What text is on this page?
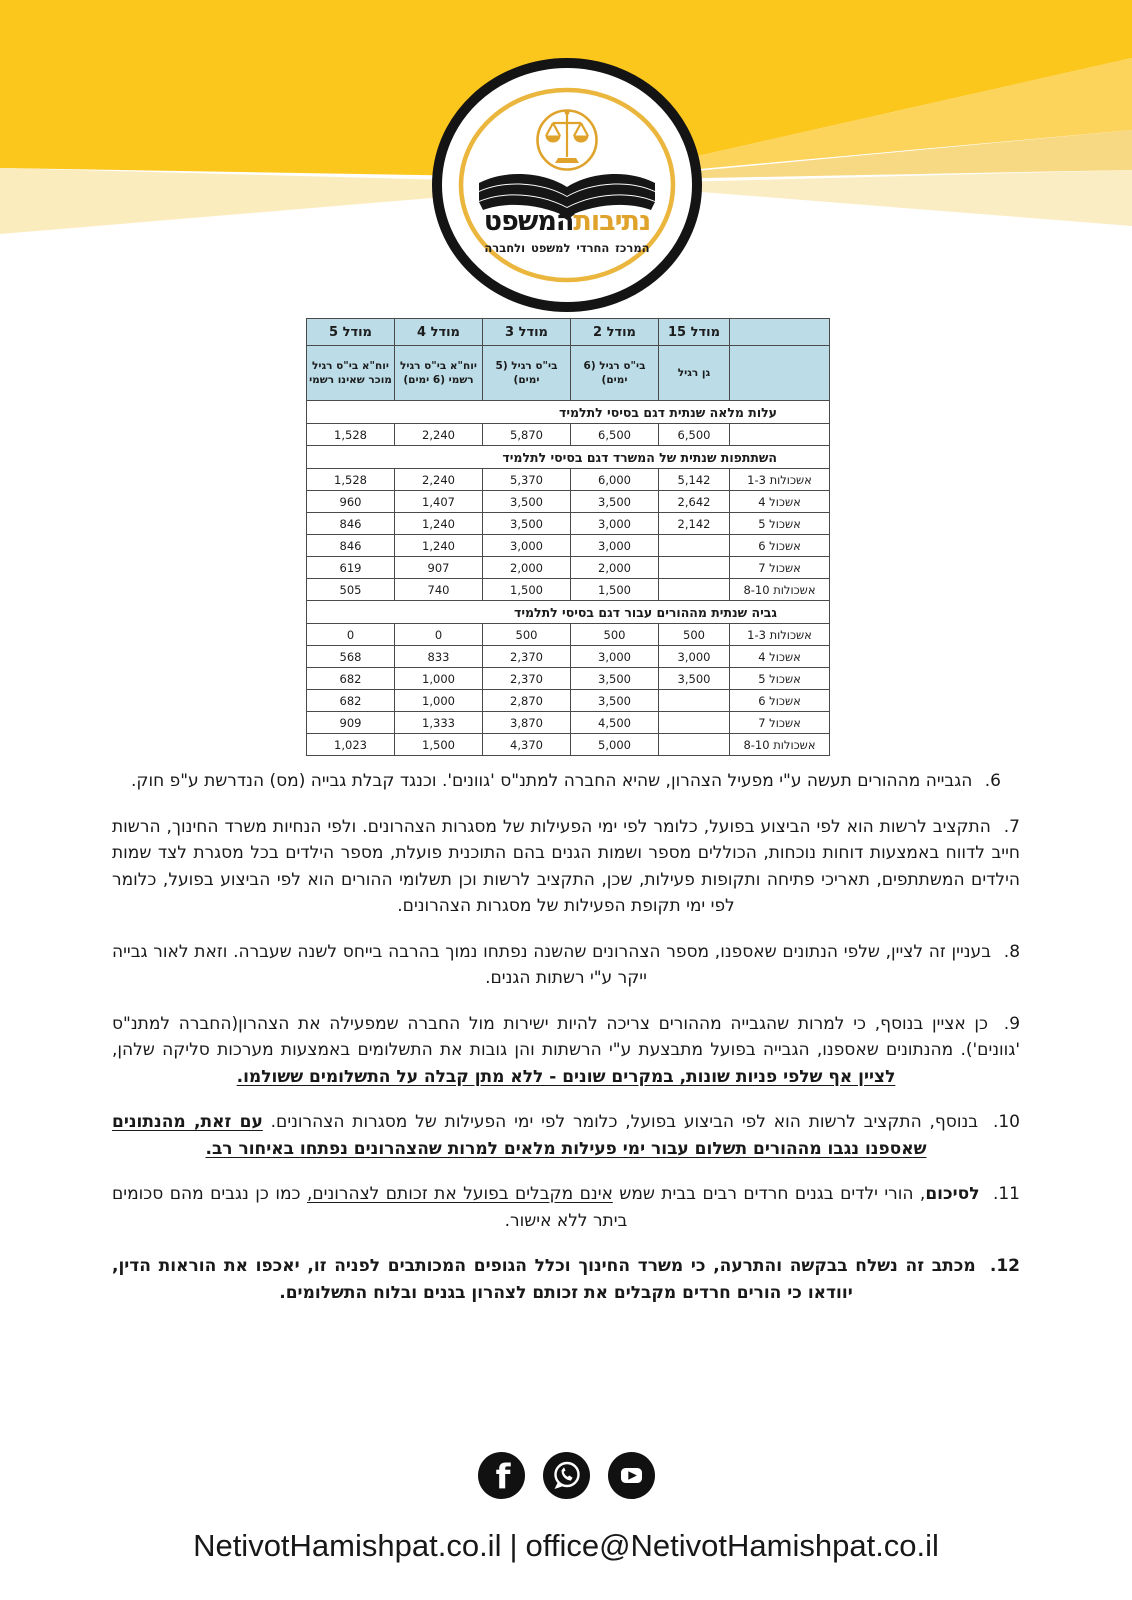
נתיבותהמשפט
המרכז החרדי למשפט ולחברה
	מודל 15	מודל 2	מודל 3	מודל 4	מודל 5
	גן רגיל	בי"ס רגיל (6 ימים)	בי"ס רגיל (5 ימים)	יוח"א בי"ס רגיל רשמי (6 ימים)	יוח"א בי"ס רגיל מוכר שאינו רשמי
עלות מלאה שנתית דגם בסיסי לתלמיד					
	6,500	6,500	5,870	2,240	1,528
השתתפות שנתית של המשרד דגם בסיסי לתלמיד					
אשכולות 1-3	5,142	6,000	5,370	2,240	1,528
אשכול 4	2,642	3,500	3,500	1,407	960
אשכול 5	2,142	3,000	3,500	1,240	846
אשכול 6		3,000	3,000	1,240	846
אשכול 7		2,000	2,000	907	619
אשכולות 8-10		1,500	1,500	740	505
גביה שנתית מההורים עבור דגם בסיסי לתלמיד					
אשכולות 1-3	500	500	500	0	0
אשכול 4	3,000	3,000	2,370	833	568
אשכול 5	3,500	3,500	2,370	1,000	682
אשכול 6		3,500	2,870	1,000	682
אשכול 7		4,500	3,870	1,333	909
אשכולות 8-10		5,000	4,370	1,500	1,023

6. הגבייה מההורים תעשה ע"י מפעיל הצהרון, שהיא החברה למתנ"ס 'גוונים'. וכנגד קבלת גבייה (מס) הנדרשת ע"פ חוק.

7. התקציב לרשות הוא לפי הביצוע בפועל, כלומר לפי ימי הפעילות של מסגרות הצהרונים. ולפי הנחיות משרד החינוך, הרשות חייב לדווח באמצעות דוחות נוכחות, הכוללים מספר ושמות הגנים בהם התוכנית פועלת, מספר הילדים בכל מסגרת לצד שמות הילדים המשתתפים, תאריכי פתיחה ותקופות פעילות, שכן, התקציב לרשות וכן תשלומי ההורים הוא לפי הביצוע בפועל, כלומר לפי ימי תקופת הפעילות של מסגרות הצהרונים.

8. בעניין זה לציין, שלפי הנתונים שאספנו, מספר הצהרונים שהשנה נפתחו נמוך בהרבה בייחס לשנה שעברה. וזאת לאור גבייה ייקר ע"י רשתות הגנים.

9. כן אציין בנוסף, כי למרות שהגבייה מההורים צריכה להיות ישירות מול החברה שמפעילה את הצהרון(החברה למתנ"ס 'גוונים'). מהנתונים שאספנו, הגבייה בפועל מתבצעת ע"י הרשתות והן גובות את התשלומים באמצעות מערכות סליקה שלהן, לציין אף שלפי פניות שונות, במקרים שונים - ללא מתן קבלה על התשלומים ששולמו.

10. בנוסף, התקציב לרשות הוא לפי הביצוע בפועל, כלומר לפי ימי הפעילות של מסגרות הצהרונים. עם זאת, מהנתונים שאספנו נגבו מההורים תשלום עבור ימי פעילות מלאים למרות שהצהרונים נפתחו באיחור רב.

11. לסיכום, הורי ילדים בגנים חרדים רבים בבית שמש אינם מקבלים בפועל את זכותם לצהרונים, כמו כן נגבים מהם סכומים ביתר ללא אישור.

12. מכתב זה נשלח בבקשה והתרעה, כי משרד החינוך וכלל הגופים המכותבים לפניה זו, יאכפו את הוראות הדין, יוודאו כי הורים חרדים מקבלים את זכותם לצהרון בגנים ובלוח התשלומים.

f
NetivotHamishpat.co.il | office@NetivotHamishpat.co.il
